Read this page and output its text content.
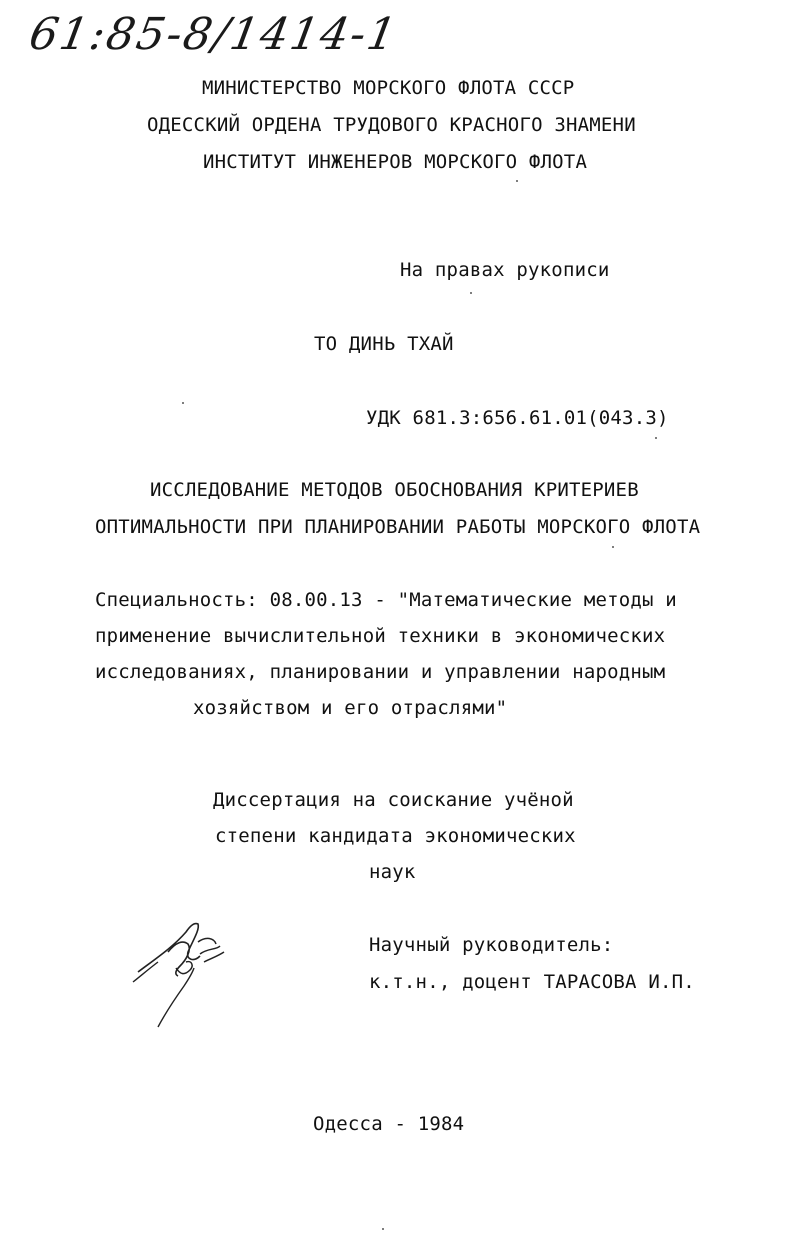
61:85-8/1414-1
МИНИСТЕРСТВО МОРСКОГО ФЛОТА СССР
ОДЕССКИЙ ОРДЕНА ТРУДОВОГО КРАСНОГО ЗНАМЕНИ
ИНСТИТУТ ИНЖЕНЕРОВ МОРСКОГО ФЛОТА
На правах рукописи
ТО ДИНЬ ТХАЙ
УДК 681.3:656.61.01(043.3)
ИССЛЕДОВАНИЕ МЕТОДОВ ОБОСНОВАНИЯ КРИТЕРИЕВ
ОПТИМАЛЬНОСТИ ПРИ ПЛАНИРОВАНИИ РАБОТЫ МОРСКОГО ФЛОТА
Специальность: 08.00.13 - "Математические методы и
применение вычислительной техники в экономических
исследованиях, планировании и управлении народным
хозяйством и его отраслями"
Диссертация на соискание учёной
степени кандидата экономических
наук
Научный руководитель:
к.т.н., доцент ТАРАСОВА И.П.
Одесса - 1984
